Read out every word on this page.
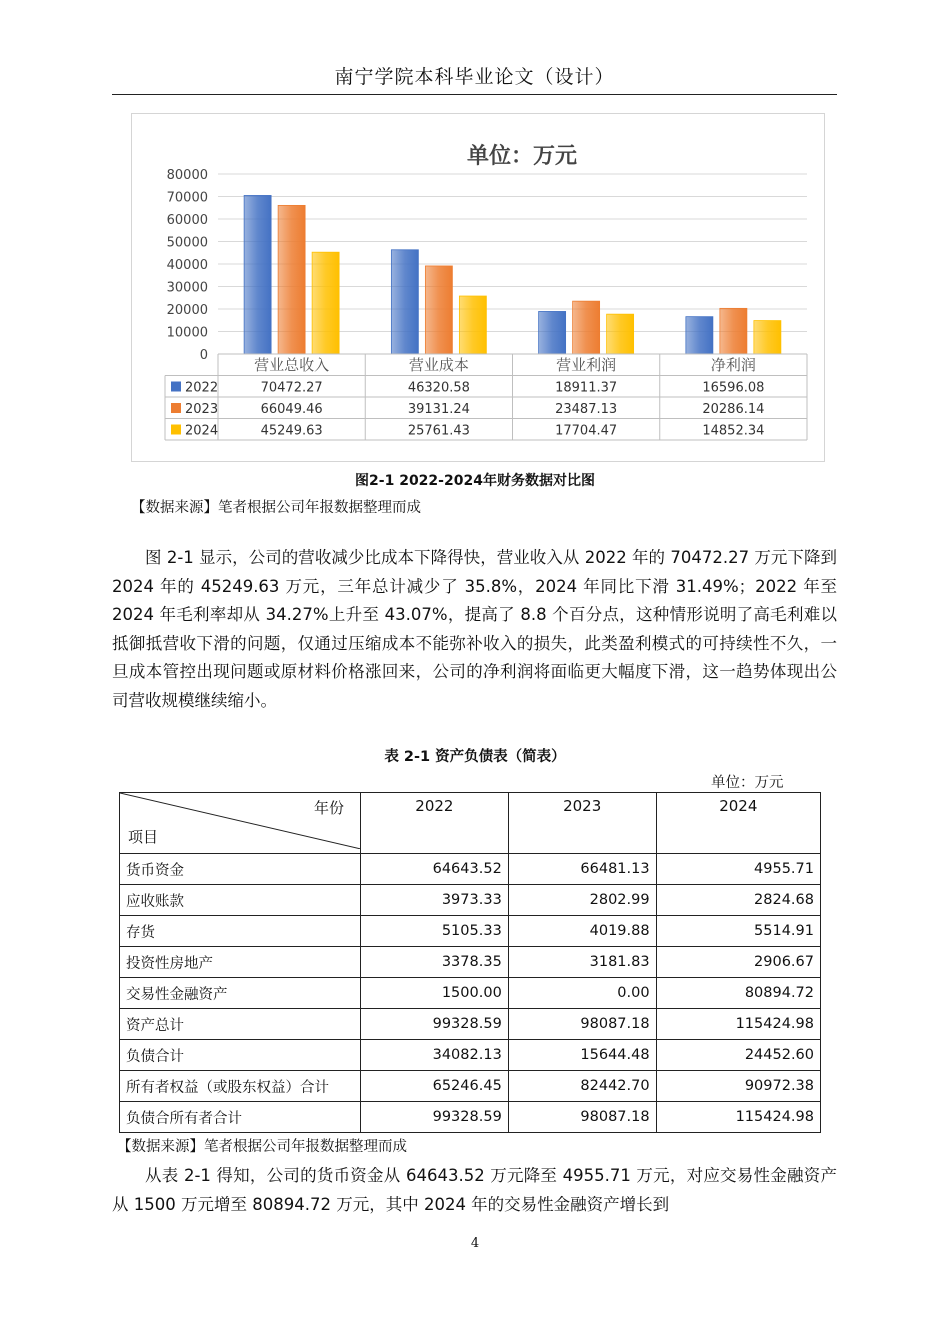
南宁学院本科毕业论文（设计）
单位：万元
0
10000
20000
30000
40000
50000
60000
70000
80000
营业总收入	营业成本	营业利润	净利润
2022	70472.27	46320.58	18911.37	16596.08
2023	66049.46	39131.24	23487.13	20286.14
2024	45249.63	25761.43	17704.47	14852.34
图2-1 2022-2024年财务数据对比图
【数据来源】笔者根据公司年报数据整理而成
图 2-1 显示，公司的营收减少比成本下降得快，营业收入从 2022 年的 70472.27 万元下降到 2024 年的 45249.63 万元，三年总计减少了 35.8%，2024 年同比下滑 31.49%；2022 年至 2024 年毛利率却从 34.27%上升至 43.07%，提高了 8.8 个百分点，这种情形说明了高毛利难以抵御抵营收下滑的问题，仅通过压缩成本不能弥补收入的损失，此类盈利模式的可持续性不久，一旦成本管控出现问题或原材料价格涨回来，公司的净利润将面临更大幅度下滑，这一趋势体现出公司营收规模继续缩小。
表 2-1 资产负债表（简表）
单位：万元
年份
项目	2022	2023	2024
货币资金	64643.52	66481.13	4955.71
应收账款	3973.33	2802.99	2824.68
存货	5105.33	4019.88	5514.91
投资性房地产	3378.35	3181.83	2906.67
交易性金融资产	1500.00	0.00	80894.72
资产总计	99328.59	98087.18	115424.98
负债合计	34082.13	15644.48	24452.60
所有者权益（或股东权益）合计	65246.45	82442.70	90972.38
负债合所有者合计	99328.59	98087.18	115424.98
【数据来源】笔者根据公司年报数据整理而成
从表 2-1 得知，公司的货币资金从 64643.52 万元降至 4955.71 万元，对应交易性金融资产从 1500 万元增至 80894.72 万元，其中 2024 年的交易性金融资产增长到
4
